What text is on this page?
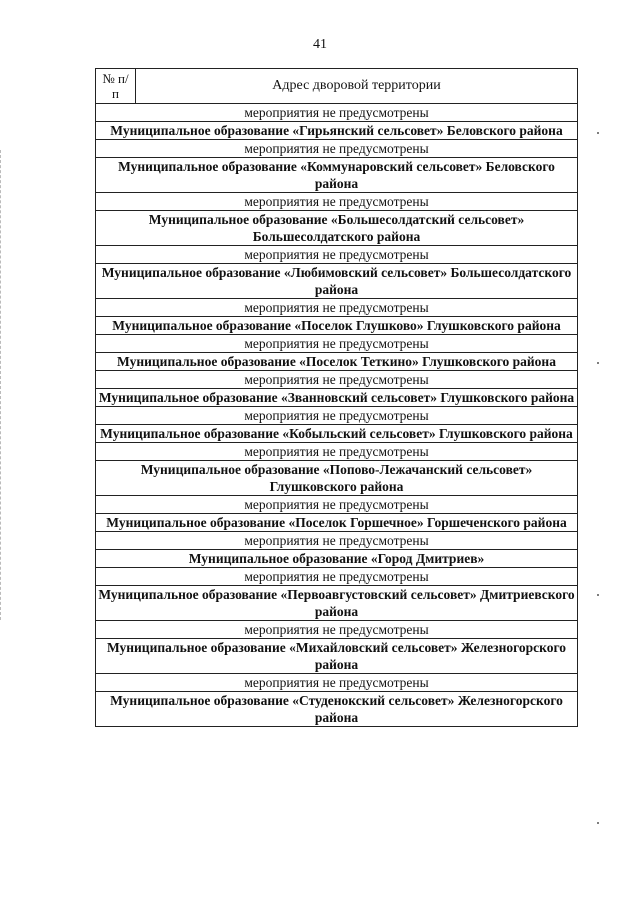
41
№ п/п	Адрес дворовой территории
мероприятия не предусмотрены
Муниципальное образование «Гирьянский сельсовет» Беловского района
мероприятия не предусмотрены
Муниципальное образование «Коммунаровский сельсовет» Беловского района
мероприятия не предусмотрены
Муниципальное образование «Большесолдатский сельсовет» Большесолдатского района
мероприятия не предусмотрены
Муниципальное образование «Любимовский сельсовет» Большесолдатского района
мероприятия не предусмотрены
Муниципальное образование «Поселок Глушково» Глушковского района
мероприятия не предусмотрены
Муниципальное образование «Поселок Теткино» Глушковского района
мероприятия не предусмотрены
Муниципальное образование «Званновский сельсовет» Глушковского района
мероприятия не предусмотрены
Муниципальное образование «Кобыльский сельсовет» Глушковского района
мероприятия не предусмотрены
Муниципальное образование «Попово-Лежачанский сельсовет» Глушковского района
мероприятия не предусмотрены
Муниципальное образование «Поселок Горшечное» Горшеченского района
мероприятия не предусмотрены
Муниципальное образование «Город Дмитриев»
мероприятия не предусмотрены
Муниципальное образование «Первоавгустовский сельсовет» Дмитриевского района
мероприятия не предусмотрены
Муниципальное образование «Михайловский сельсовет» Железногорского района
мероприятия не предусмотрены
Муниципальное образование «Студенокский сельсовет» Железногорского района
